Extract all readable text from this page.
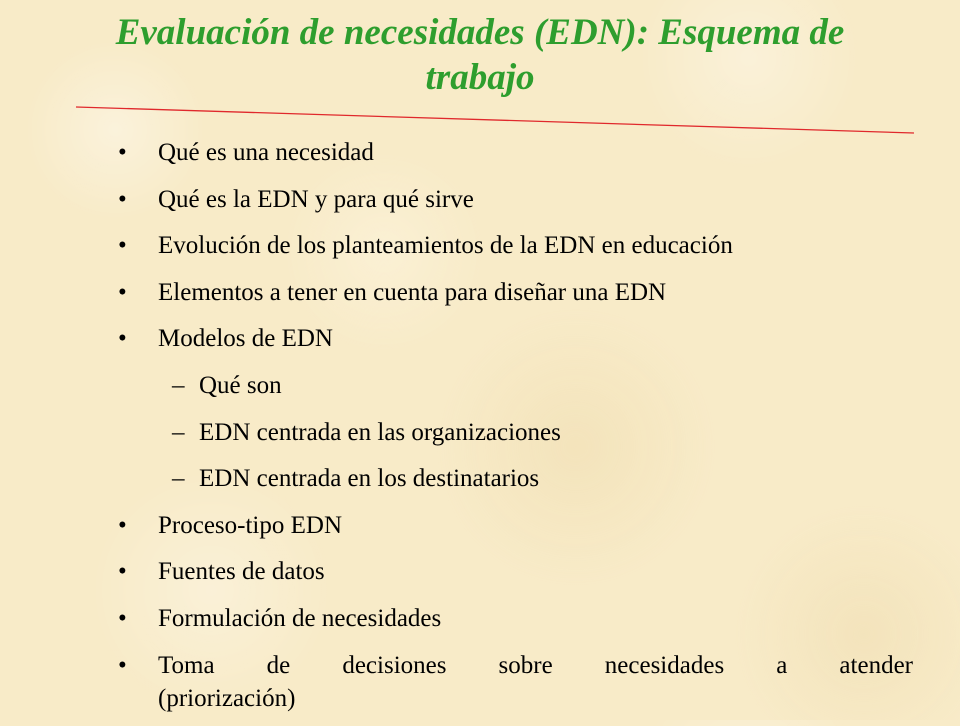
Evaluación de necesidades (EDN): Esquema de trabajo
• Qué es una necesidad
• Qué es la EDN y para qué sirve
• Evolución de los planteamientos de la EDN en educación
• Elementos a tener en cuenta para diseñar una EDN
• Modelos de EDN
– Qué son
– EDN centrada en las organizaciones
– EDN centrada en los destinatarios
• Proceso-tipo EDN
• Fuentes de datos
• Formulación de necesidades
• Toma de decisiones sobre necesidades a atender
(priorización)
